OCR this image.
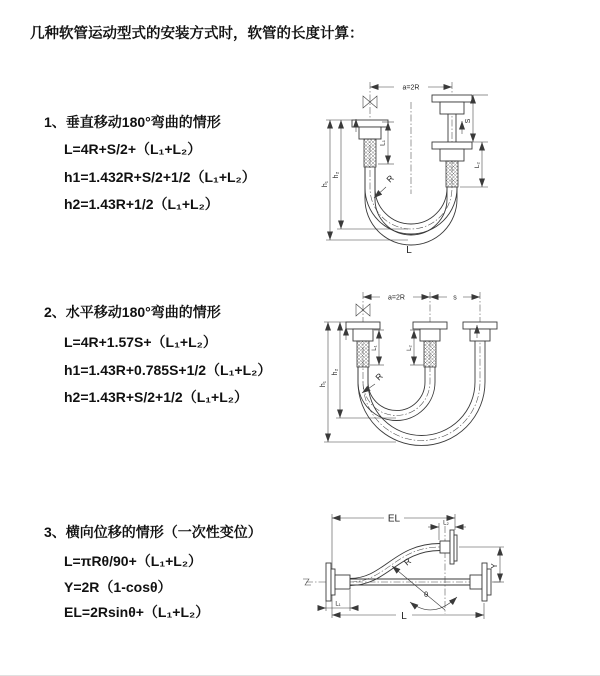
几种软管运动型式的安装方式时，软管的长度计算：
1、垂直移动180°弯曲的情形
L=4R+S/2+（L₁+L₂）
h1=1.432R+S/2+1/2（L₁+L₂）
h2=1.43R+1/2（L₁+L₂）
a=2R
S
L₂
L₁
h₂
h₁	R
L
2、水平移动180°弯曲的情形
L=4R+1.57S+（L₁+L₂）
h1=1.43R+0.785S+1/2（L₁+L₂）
h2=1.43R+S/2+1/2（L₁+L₂）
a=2R	s
L₁	L₂
h₂
h₁
R
3、横向位移的情形（一次性变位）
L=πRθ/90+（L₁+L₂）
Y=2R（1-cosθ）
EL=2Rsinθ+（L₁+L₂）
EL	L₂
R
θ
Y
L₁
L
